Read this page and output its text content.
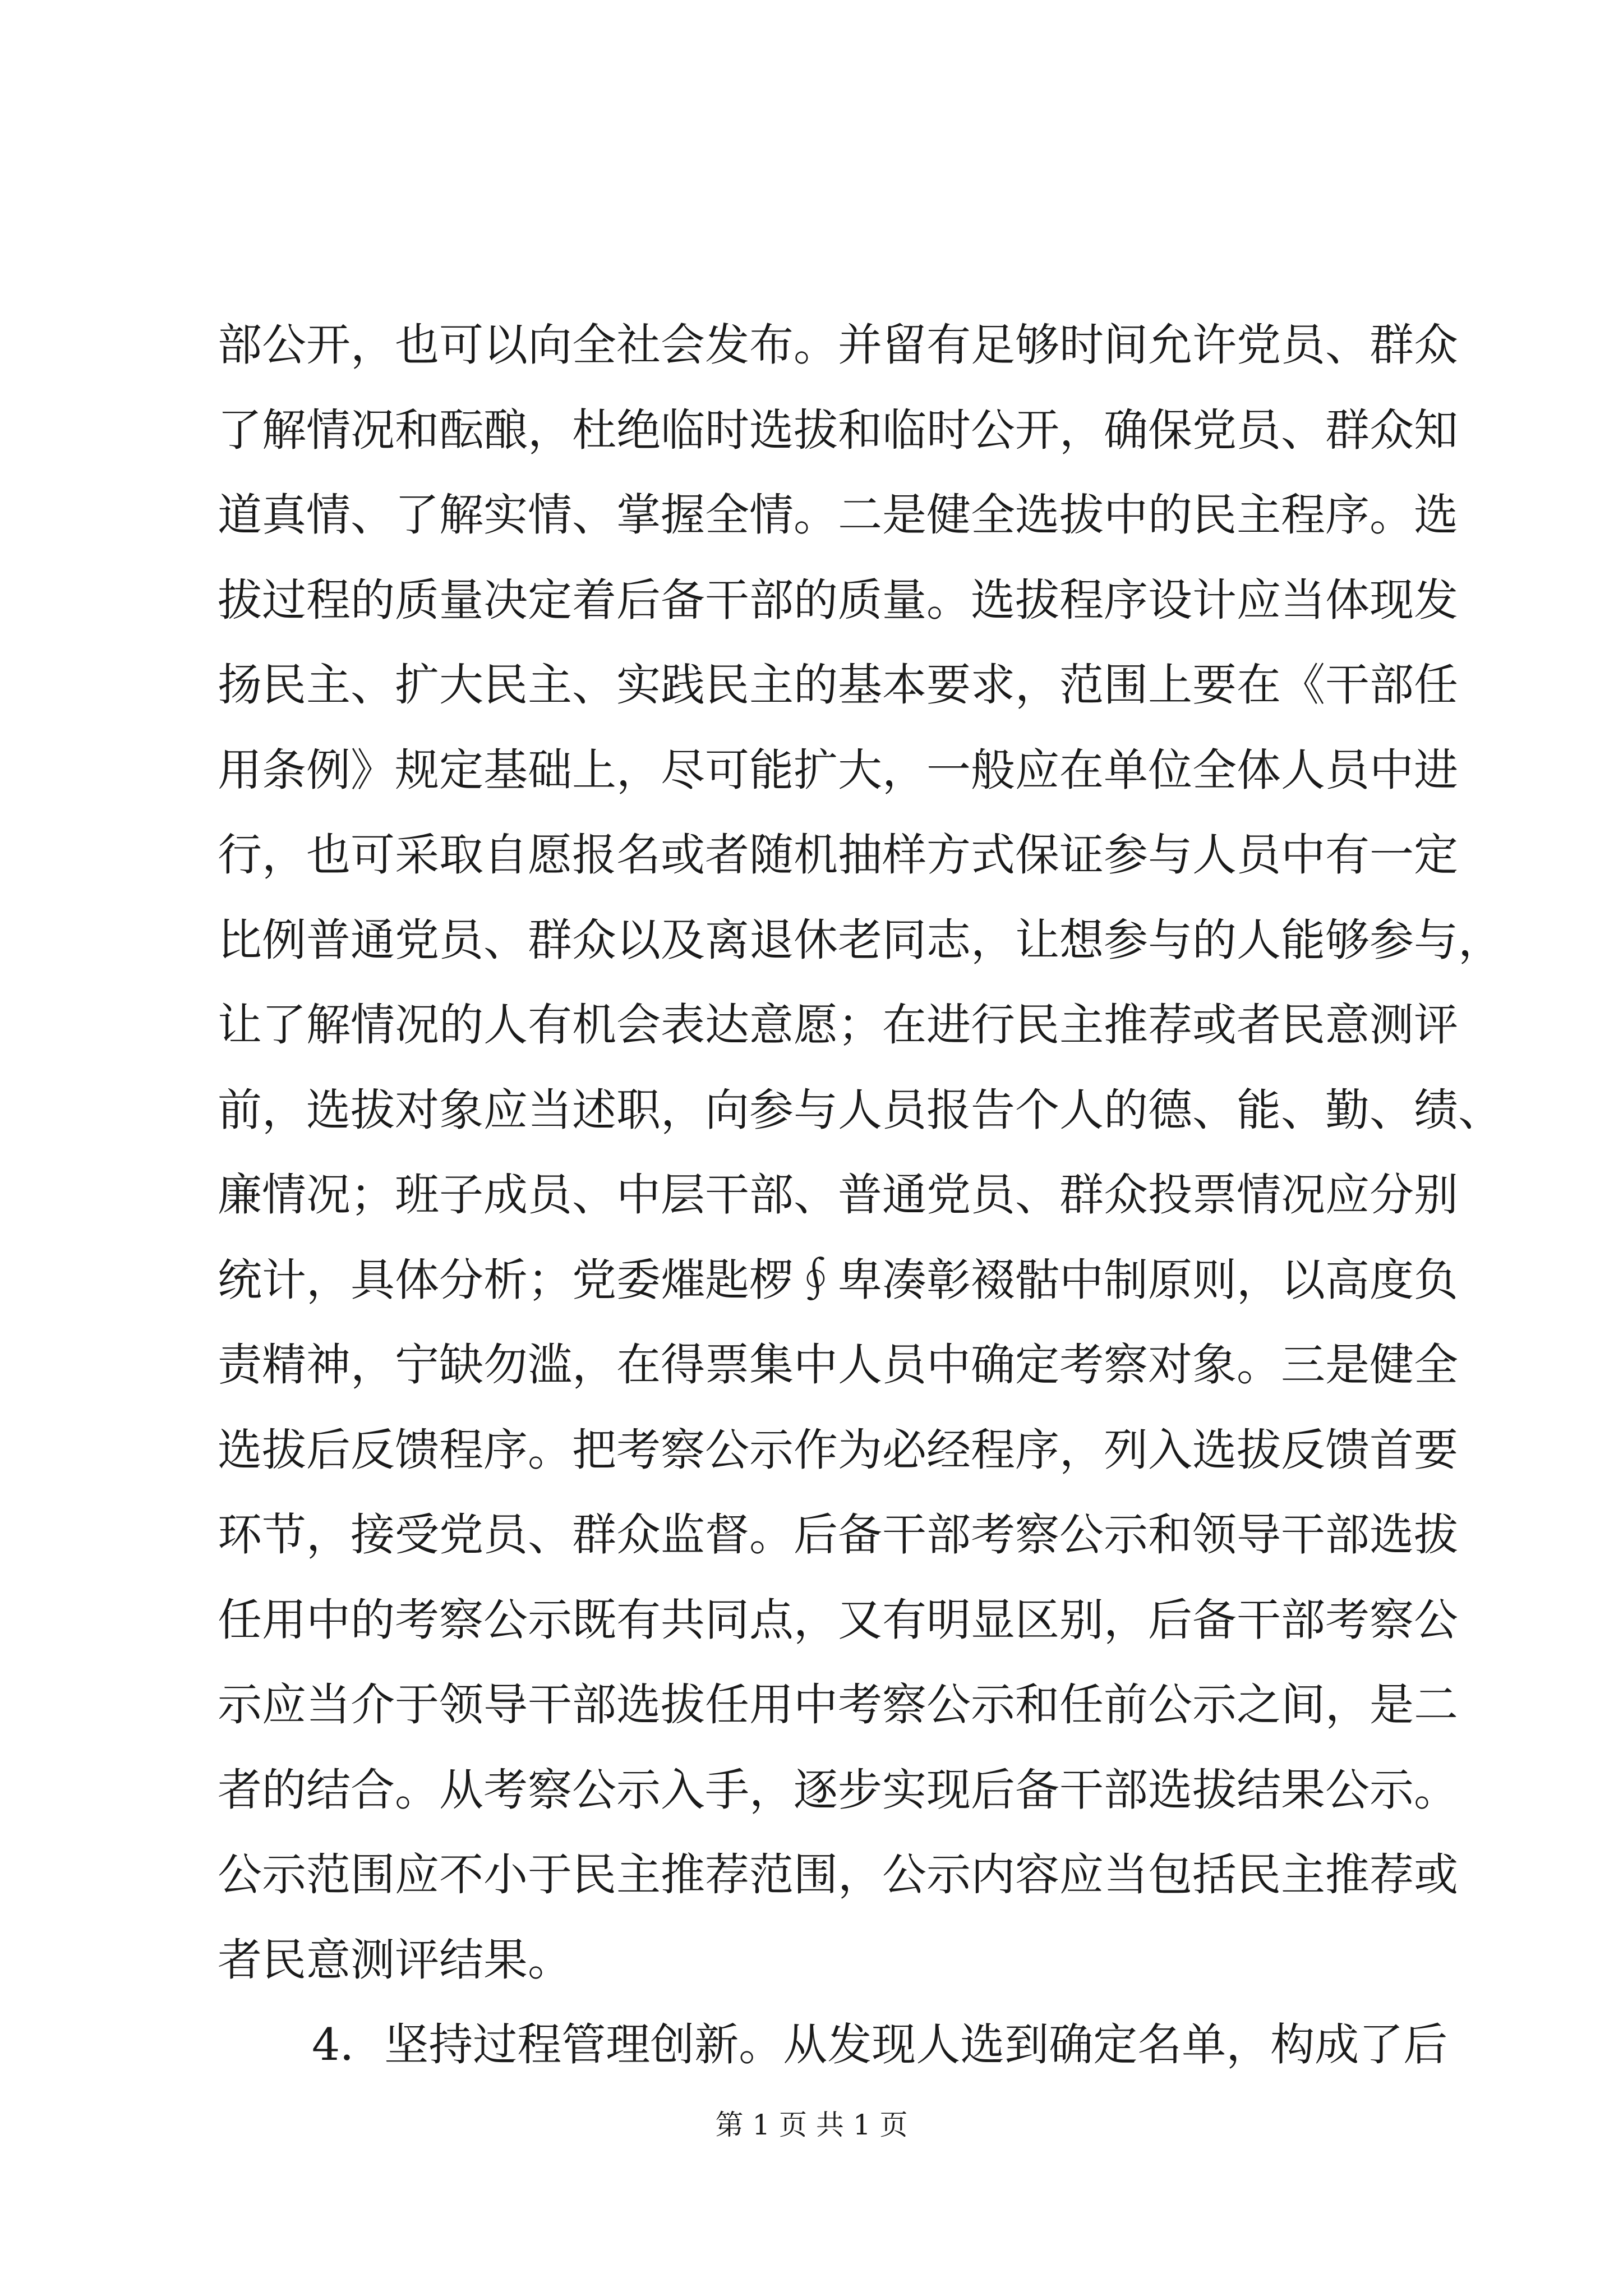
部公开，也可以向全社会发布。并留有足够时间允许党员、群众
了解情况和酝酿，杜绝临时选拔和临时公开，确保党员、群众知
道真情、了解实情、掌握全情。二是健全选拔中的民主程序。选
拔过程的质量决定着后备干部的质量。选拔程序设计应当体现发
扬民主、扩大民主、实践民主的基本要求，范围上要在《干部任
用条例》规定基础上，尽可能扩大，一般应在单位全体人员中进
行，也可采取自愿报名或者随机抽样方式保证参与人员中有一定
比例普通党员、群众以及离退休老同志，让想参与的人能够参与，
让了解情况的人有机会表达意愿；在进行民主推荐或者民意测评
前，选拔对象应当述职，向参与人员报告个人的德、能、勤、绩、
廉情况；班子成员、中层干部、普通党员、群众投票情况应分别
统计，具体分析；党委熣匙椤∮卑凑彰裰骷中制原则，以高度负
责精神，宁缺勿滥，在得票集中人员中确定考察对象。三是健全
选拔后反馈程序。把考察公示作为必经程序，列入选拔反馈首要
环节，接受党员、群众监督。后备干部考察公示和领导干部选拔
任用中的考察公示既有共同点，又有明显区别，后备干部考察公
示应当介于领导干部选拔任用中考察公示和任前公示之间，是二
者的结合。从考察公示入手，逐步实现后备干部选拔结果公示。
公示范围应不小于民主推荐范围，公示内容应当包括民主推荐或
者民意测评结果。
4．坚持过程管理创新。从发现人选到确定名单，构成了后
第 1 页 共 1 页
